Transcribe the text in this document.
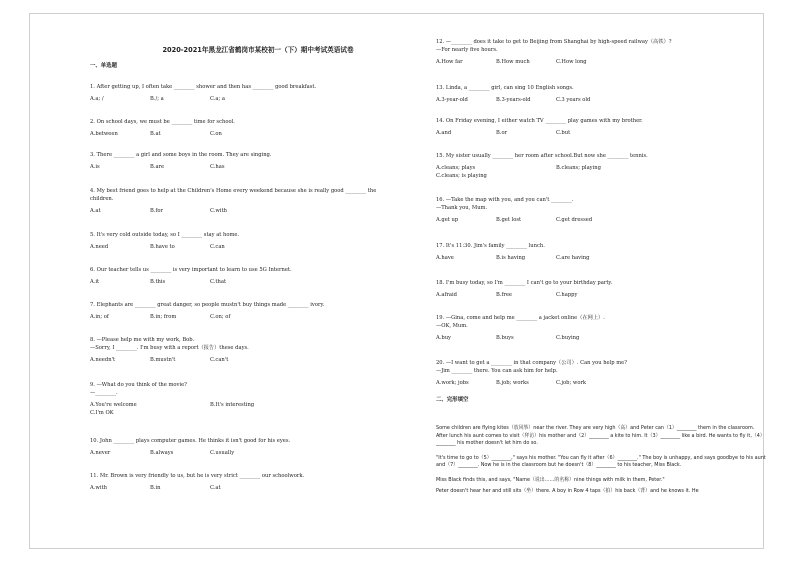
2020-2021年黑龙江省鹤岗市某校初一（下）期中考试英语试卷
一、单选题
1. After getting up, I often take ________ shower and then has ________ good breakfast.
A.a; /	B./; a	C.a; a
2. On school days, we must be ________ time for school.
A.between	B.at	C.on
3. There ________ a girl and some boys in the room. They are singing.
A.is	B.are	C.has
4. My best friend goes to help at the Children's Home every weekend because she is really good ________ the
children.
A.at	B.for	C.with
5. It's very cold outside today, so I ________ stay at home.
A.need	B.have to	C.can
6. Our teacher tells us ________ is very important to learn to use 5G Internet.
A.it	B.this	C.that
7. Elephants are ________ great danger, so people mustn't buy things made ________ ivory.
A.in; of	B.in; from	C.on; of
8. —Please help me with my work, Bob.
—Sorry, I ________. I'm busy with a report（报告）these days.
A.needn't	B.mustn't	C.can't
9. —What do you think of the movie?
—________.
A.You're welcome	B.It's interesting
C.I'm OK
10. John ________ plays computer games. He thinks it isn't good for his eyes.
A.never	B.always	C.usually
11. Mr. Brown is very friendly to us, but he is very strict ________ our schoolwork.
A.with	B.in	C.at
12. —________ does it take to get to Beijing from Shanghai by high-speed railway（高铁）?
—For nearly five hours.
A.How far	B.How much	C.How long
13. Linda, a ________ girl, can sing 10 English songs.
A.3-year-old	B.3-years-old	C.3 years old
14. On Friday evening, I either watch TV ________ play games with my brother.
A.and	B.or	C.but
15. My sister usually ________ her room after school.But now she ________ tennis.
A.cleans; plays	B.cleans; playing
C.cleans; is playing
16. —Take the map with you, and you can't ________.
—Thank you, Mum.
A.get up	B.get lost	C.get dressed
17. It's 11:30. Jim's family ________ lunch.
A.have	B.is having	C.are having
18. I'm busy today, so I'm ________ I can't go to your birthday party.
A.afraid	B.free	C.happy
19. —Gina, come and help me ________ a jacket online（在网上）.
—OK, Mum.
A.buy	B.buys	C.buying
20. —I want to get a ________ in that company（公司）. Can you help me?
—Jim ________ there. You can ask him for help.
A.work; jobs	B.job; works	C.job; work
二、完形填空

Some children are flying kites（放风筝）near the river. They are very high（高）and Peter can（1）________ them in the classroom. After lunch his aunt comes to visit（拜访）his mother and（2）________ a kite to him. It（3）________ like a bird. He wants to fly it,（4）________ his mother doesn't let him do so.

"It's time to go to（5）________," says his mother. "You can fly it after（6）________." The boy is unhappy, and says goodbye to his aunt and（7）________. Now he is in the classroom but he doesn't（8）________ to his teacher, Miss Black.

Miss Black finds this, and says, "Name（说出……的名称）nine things with milk in them, Peter."

Peter doesn't hear her and still sits（坐）there. A boy in Row 4 taps（拍）his back（背）and he knows it. He
